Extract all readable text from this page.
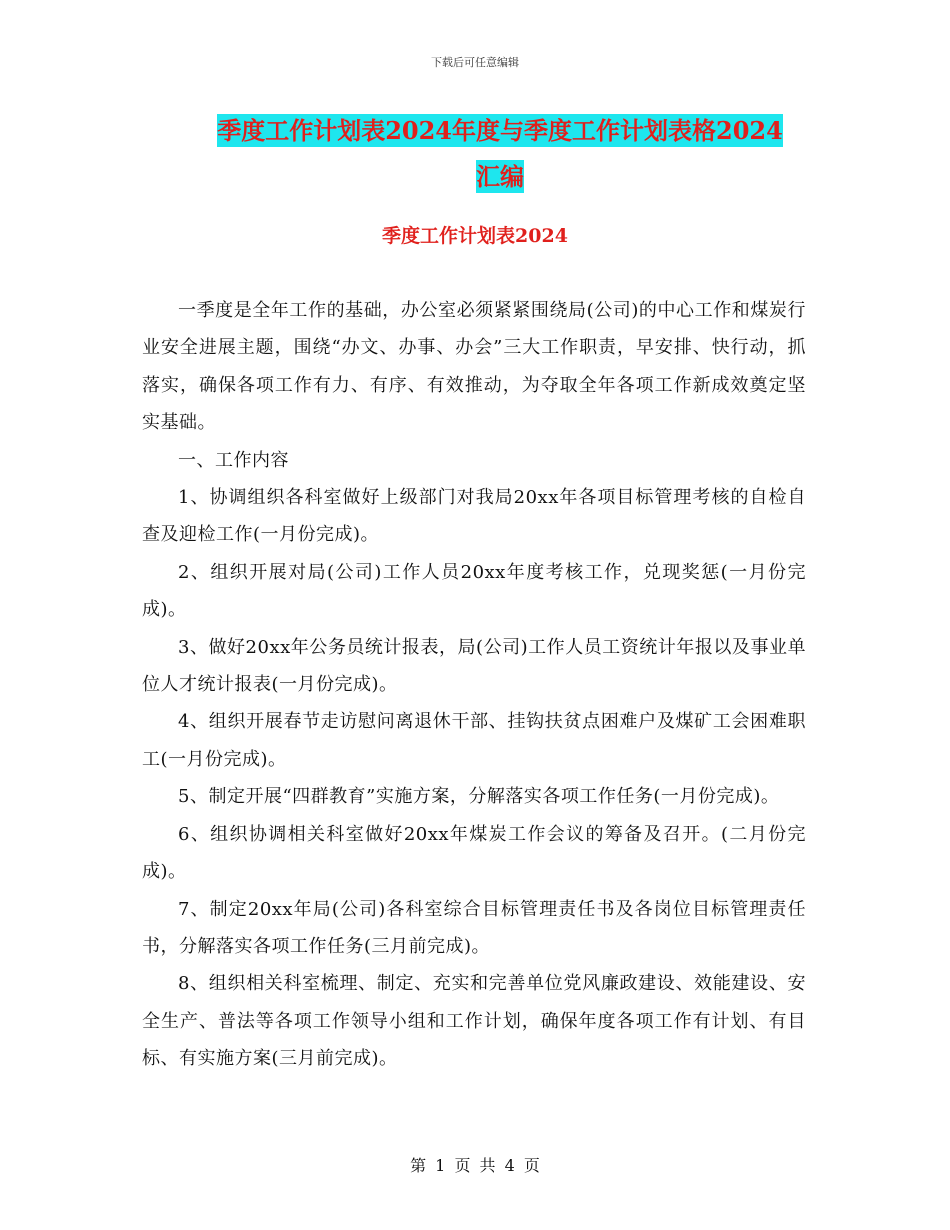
下载后可任意编辑
季度工作计划表2024年度与季度工作计划表格2024
汇编
季度工作计划表2024

一季度是全年工作的基础，办公室必须紧紧围绕局(公司)的中心工作和煤炭行业安全进展主题，围绕“办文、办事、办会”三大工作职责，早安排、快行动，抓落实，确保各项工作有力、有序、有效推动，为夺取全年各项工作新成效奠定坚实基础。

一、工作内容

1、协调组织各科室做好上级部门对我局20xx年各项目标管理考核的自检自查及迎检工作(一月份完成)。

2、组织开展对局(公司)工作人员20xx年度考核工作，兑现奖惩(一月份完成)。

3、做好20xx年公务员统计报表，局(公司)工作人员工资统计年报以及事业单位人才统计报表(一月份完成)。

4、组织开展春节走访慰问离退休干部、挂钩扶贫点困难户及煤矿工会困难职工(一月份完成)。

5、制定开展“四群教育”实施方案，分解落实各项工作任务(一月份完成)。

6、组织协调相关科室做好20xx年煤炭工作会议的筹备及召开。(二月份完成)。

7、制定20xx年局(公司)各科室综合目标管理责任书及各岗位目标管理责任书，分解落实各项工作任务(三月前完成)。

8、组织相关科室梳理、制定、充实和完善单位党风廉政建设、效能建设、安全生产、普法等各项工作领导小组和工作计划，确保年度各项工作有计划、有目标、有实施方案(三月前完成)。

第 1 页 共 4 页
